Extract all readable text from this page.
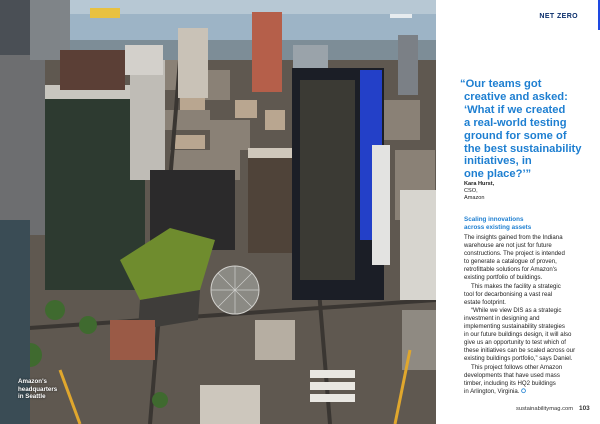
Amazon's
headquarters
in Seattle
NET ZERO
“Our teams got
creative and asked:
‘What if we created
a real-world testing
ground for some of
the best sustainability
initiatives, in
one place?’”
Kara Hurst,
CSO,
Amazon
Scaling innovations
across existing assets
The insights gained from the Indiana
warehouse are not just for future
constructions. The project is intended
to generate a catalogue of proven,
retrofittable solutions for Amazon's
existing portfolio of buildings.
This makes the facility a strategic
tool for decarbonising a vast real
estate footprint.
“While we view DIS as a strategic
investment in designing and
implementing sustainability strategies
in our future buildings design, it will also
give us an opportunity to test which of
these initiatives can be scaled across our
existing buildings portfolio,” says Daniel.
This project follows other Amazon
developments that have used mass
timber, including its HQ2 buildings
in Arlington, Virginia. ⭘
sustainabilitymag.com 103
